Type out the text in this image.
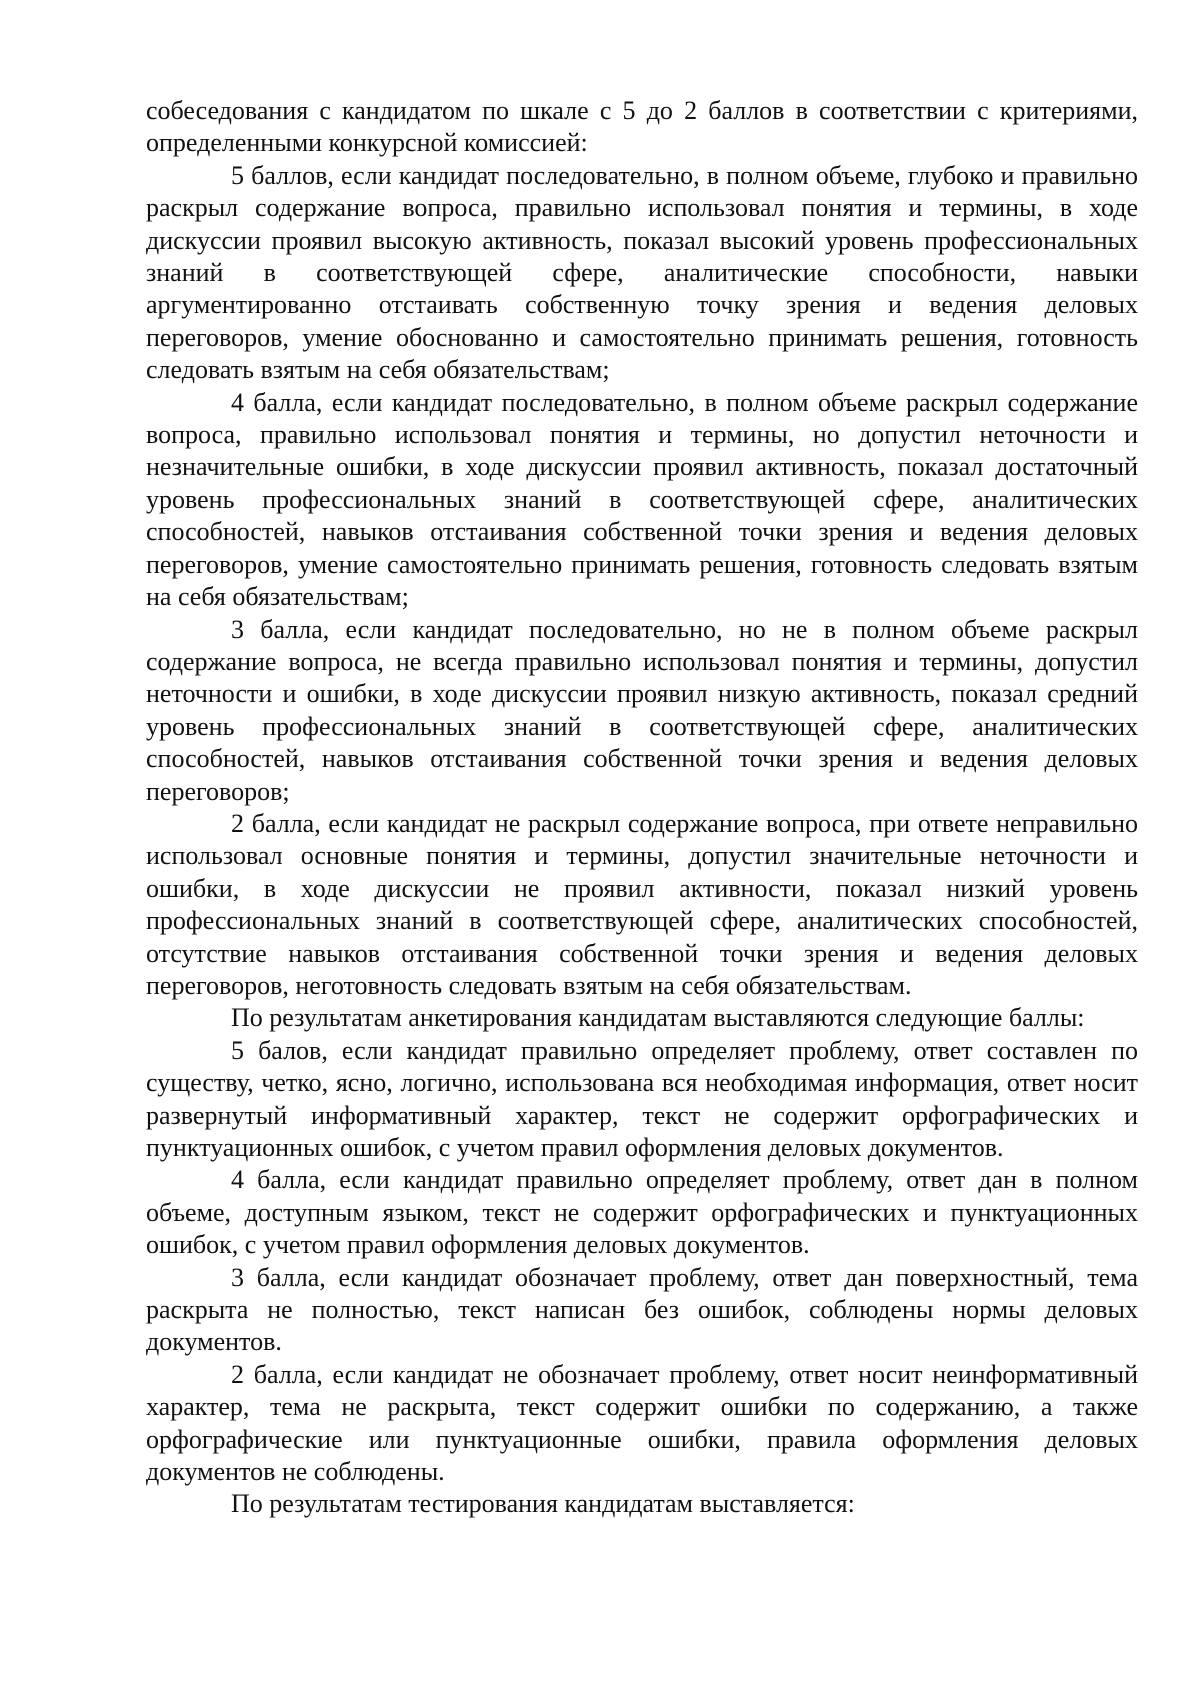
собеседования с кандидатом по шкале с 5 до 2 баллов в соответствии с критериями, определенными конкурсной комиссией:

5 баллов, если кандидат последовательно, в полном объеме, глубоко и правильно раскрыл содержание вопроса, правильно использовал понятия и термины, в ходе дискуссии проявил высокую активность, показал высокий уровень профессиональных знаний в соответствующей сфере, аналитические способности, навыки аргументированно отстаивать собственную точку зрения и ведения деловых переговоров, умение обоснованно и самостоятельно принимать решения, готовность следовать взятым на себя обязательствам;

4 балла, если кандидат последовательно, в полном объеме раскрыл содержание вопроса, правильно использовал понятия и термины, но допустил неточности и незначительные ошибки, в ходе дискуссии проявил активность, показал достаточный уровень профессиональных знаний в соответствующей сфере, аналитических способностей, навыков отстаивания собственной точки зрения и ведения деловых переговоров, умение самостоятельно принимать решения, готовность следовать взятым на себя обязательствам;

3 балла, если кандидат последовательно, но не в полном объеме раскрыл содержание вопроса, не всегда правильно использовал понятия и термины, допустил неточности и ошибки, в ходе дискуссии проявил низкую активность, показал средний уровень профессиональных знаний в соответствующей сфере, аналитических способностей, навыков отстаивания собственной точки зрения и ведения деловых переговоров;

2 балла, если кандидат не раскрыл содержание вопроса, при ответе неправильно использовал основные понятия и термины, допустил значительные неточности и ошибки, в ходе дискуссии не проявил активности, показал низкий уровень профессиональных знаний в соответствующей сфере, аналитических способностей, отсутствие навыков отстаивания собственной точки зрения и ведения деловых переговоров, неготовность следовать взятым на себя обязательствам.

По результатам анкетирования кандидатам выставляются следующие баллы:

5 балов, если кандидат правильно определяет проблему, ответ составлен по существу, четко, ясно, логично, использована вся необходимая информация, ответ носит развернутый информативный характер, текст не содержит орфографических и пунктуационных ошибок, с учетом правил оформления деловых документов.

4 балла, если кандидат правильно определяет проблему, ответ дан в полном объеме, доступным языком, текст не содержит орфографических и пунктуационных ошибок, с учетом правил оформления деловых документов.

3 балла, если кандидат обозначает проблему, ответ дан поверхностный, тема раскрыта не полностью, текст написан без ошибок, соблюдены нормы деловых документов.

2 балла, если кандидат не обозначает проблему, ответ носит неинформативный характер, тема не раскрыта, текст содержит ошибки по содержанию, а также орфографические или пунктуационные ошибки, правила оформления деловых документов не соблюдены.

По результатам тестирования кандидатам выставляется:
